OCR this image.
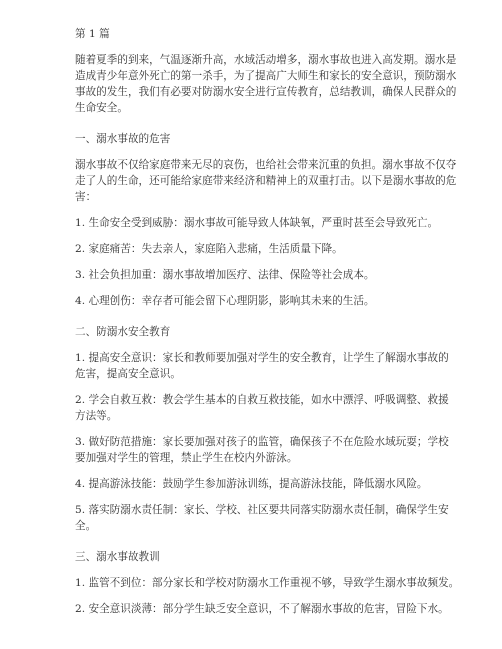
第 1 篇
随着夏季的到来，气温逐渐升高，水域活动增多，溺水事故也进入高发期。溺水是
造成青少年意外死亡的第一杀手，为了提高广大师生和家长的安全意识，预防溺水
事故的发生，我们有必要对防溺水安全进行宣传教育，总结教训，确保人民群众的
生命安全。
一、溺水事故的危害
溺水事故不仅给家庭带来无尽的哀伤，也给社会带来沉重的负担。溺水事故不仅夺
走了人的生命，还可能给家庭带来经济和精神上的双重打击。以下是溺水事故的危
害：
1. 生命安全受到威胁：溺水事故可能导致人体缺氧，严重时甚至会导致死亡。
2. 家庭痛苦：失去亲人，家庭陷入悲痛，生活质量下降。
3. 社会负担加重：溺水事故增加医疗、法律、保险等社会成本。
4. 心理创伤：幸存者可能会留下心理阴影，影响其未来的生活。
二、防溺水安全教育
1. 提高安全意识：家长和教师要加强对学生的安全教育，让学生了解溺水事故的
危害，提高安全意识。
2. 学会自救互救：教会学生基本的自救互救技能，如水中漂浮、呼吸调整、救援
方法等。
3. 做好防范措施：家长要加强对孩子的监管，确保孩子不在危险水域玩耍；学校
要加强对学生的管理，禁止学生在校内外游泳。
4. 提高游泳技能：鼓励学生参加游泳训练，提高游泳技能，降低溺水风险。
5. 落实防溺水责任制：家长、学校、社区要共同落实防溺水责任制，确保学生安
全。
三、溺水事故教训
1. 监管不到位：部分家长和学校对防溺水工作重视不够，导致学生溺水事故频发。
2. 安全意识淡薄：部分学生缺乏安全意识，不了解溺水事故的危害，冒险下水。
